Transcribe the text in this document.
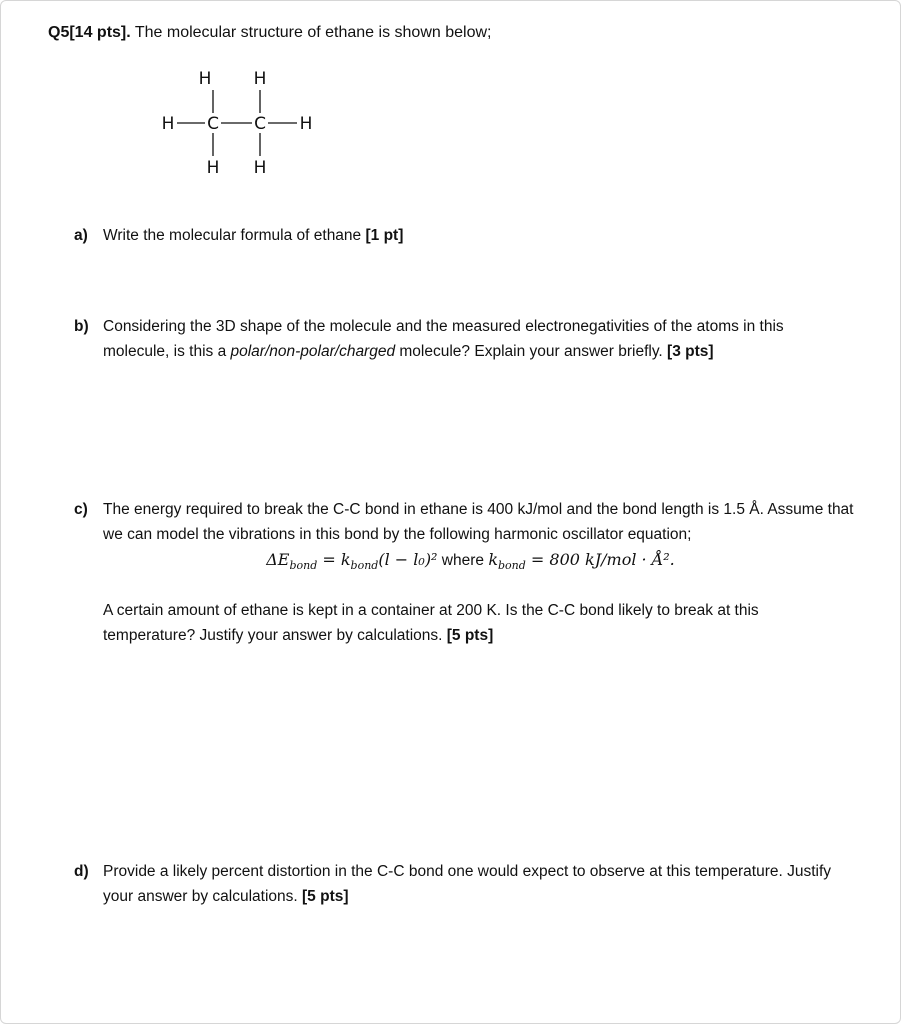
Q5[14 pts]. The molecular structure of ethane is shown below;
H H
H C C H
H H
a) Write the molecular formula of ethane [1 pt]
b) Considering the 3D shape of the molecule and the measured electronegativities of the atoms in this molecule, is this a polar/non-polar/charged molecule? Explain your answer briefly. [3 pts]
c) The energy required to break the C-C bond in ethane is 400 kJ/mol and the bond length is 1.5 Å. Assume that we can model the vibrations in this bond by the following harmonic oscillator equation;
$\Delta E_{bond} = k_{bond}(l - l_0)^2$ where $k_{bond} = 800$ kJ/mol · Å².
A certain amount of ethane is kept in a container at 200 K. Is the C-C bond likely to break at this temperature? Justify your answer by calculations. [5 pts]
d) Provide a likely percent distortion in the C-C bond one would expect to observe at this temperature. Justify your answer by calculations. [5 pts]
